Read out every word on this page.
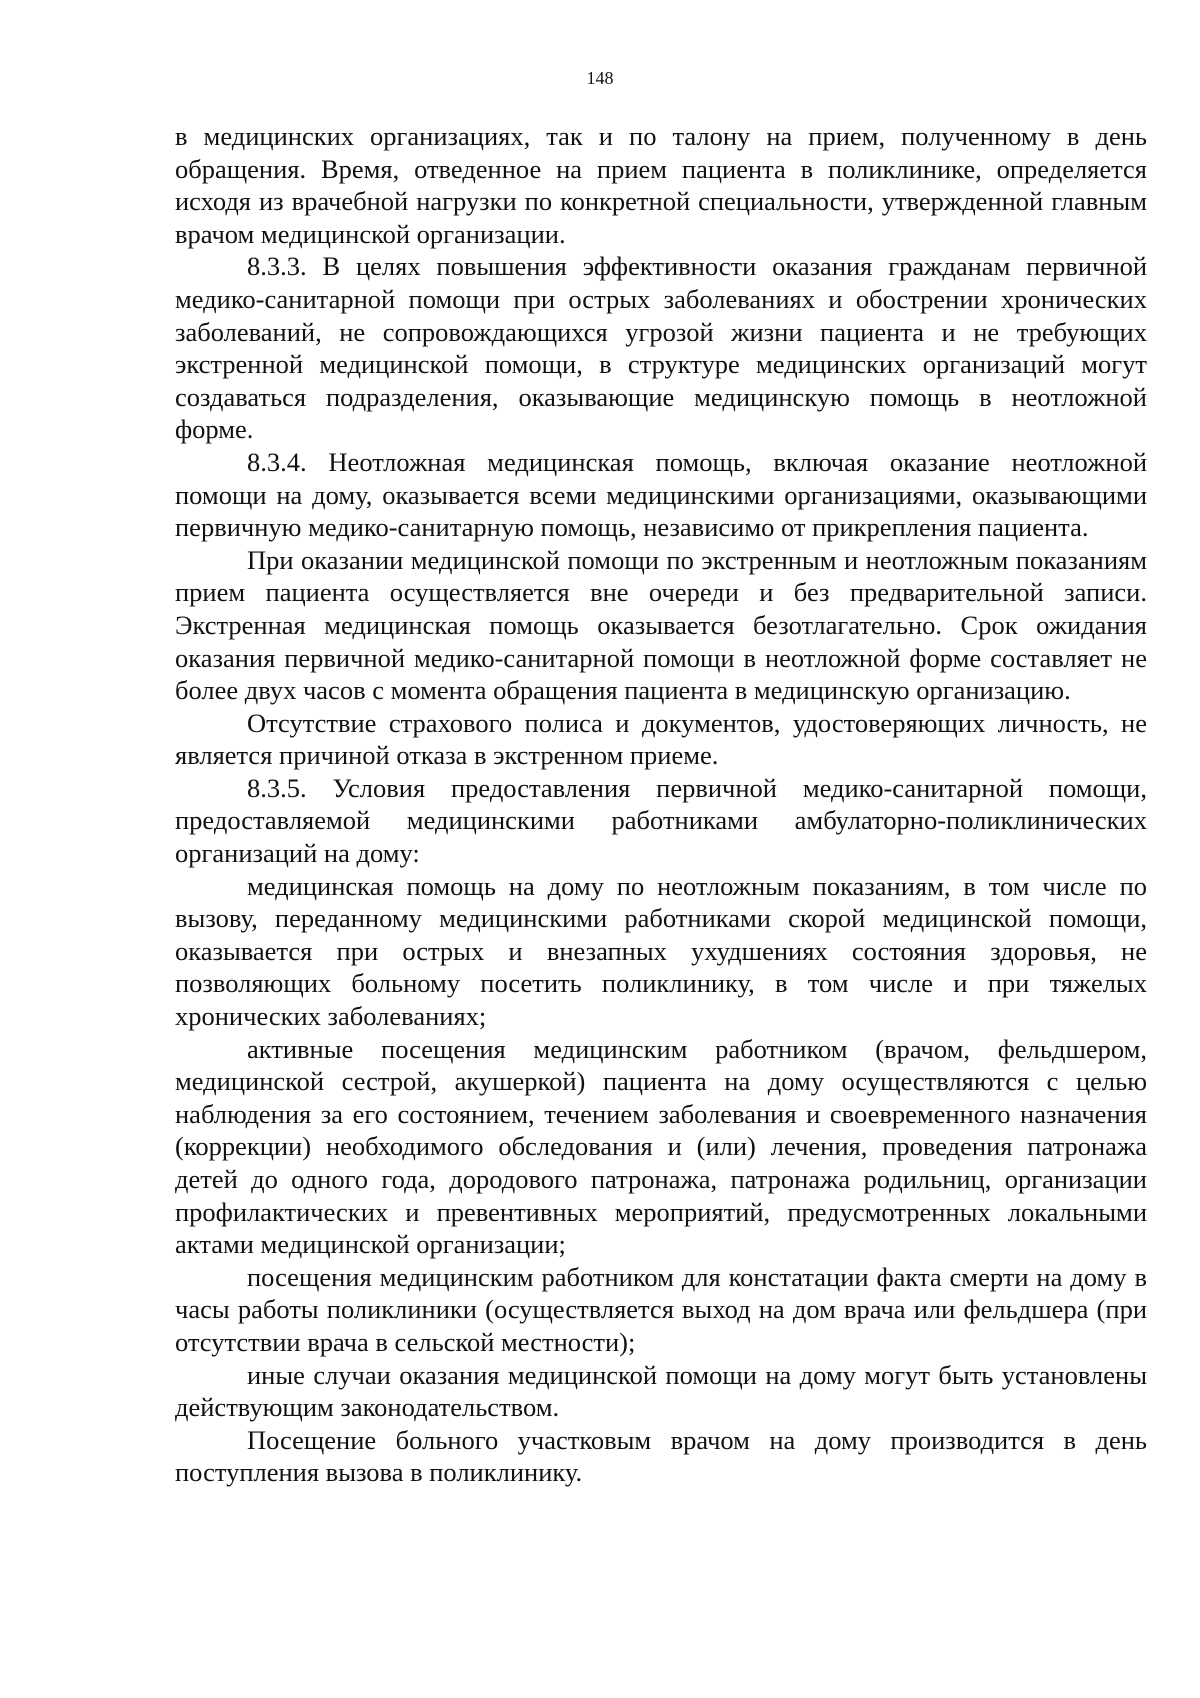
148

в медицинских организациях, так и по талону на прием, полученному в день обращения. Время, отведенное на прием пациента в поликлинике, определяется исходя из врачебной нагрузки по конкретной специальности, утвержденной главным врачом медицинской организации.

8.3.3. В целях повышения эффективности оказания гражданам первичной медико-санитарной помощи при острых заболеваниях и обострении хронических заболеваний, не сопровождающихся угрозой жизни пациента и не требующих экстренной медицинской помощи, в структуре медицинских организаций могут создаваться подразделения, оказывающие медицинскую помощь в неотложной форме.

8.3.4. Неотложная медицинская помощь, включая оказание неотложной помощи на дому, оказывается всеми медицинскими организациями, оказывающими первичную медико-санитарную помощь, независимо от прикрепления пациента.

При оказании медицинской помощи по экстренным и неотложным показаниям прием пациента осуществляется вне очереди и без предварительной записи. Экстренная медицинская помощь оказывается безотлагательно. Срок ожидания оказания первичной медико-санитарной помощи в неотложной форме составляет не более двух часов с момента обращения пациента в медицинскую организацию.

Отсутствие страхового полиса и документов, удостоверяющих личность, не является причиной отказа в экстренном приеме.

8.3.5. Условия предоставления первичной медико-санитарной помощи, предоставляемой медицинскими работниками амбулаторно-поликлинических организаций на дому:

медицинская помощь на дому по неотложным показаниям, в том числе по вызову, переданному медицинскими работниками скорой медицинской помощи, оказывается при острых и внезапных ухудшениях состояния здоровья, не позволяющих больному посетить поликлинику, в том числе и при тяжелых хронических заболеваниях;

активные посещения медицинским работником (врачом, фельдшером, медицинской сестрой, акушеркой) пациента на дому осуществляются с целью наблюдения за его состоянием, течением заболевания и своевременного назначения (коррекции) необходимого обследования и (или) лечения, проведения патронажа детей до одного года, дородового патронажа, патронажа родильниц, организации профилактических и превентивных мероприятий, предусмотренных локальными актами медицинской организации;

посещения медицинским работником для констатации факта смерти на дому в часы работы поликлиники (осуществляется выход на дом врача или фельдшера (при отсутствии врача в сельской местности);

иные случаи оказания медицинской помощи на дому могут быть установлены действующим законодательством.

Посещение больного участковым врачом на дому производится в день поступления вызова в поликлинику.
